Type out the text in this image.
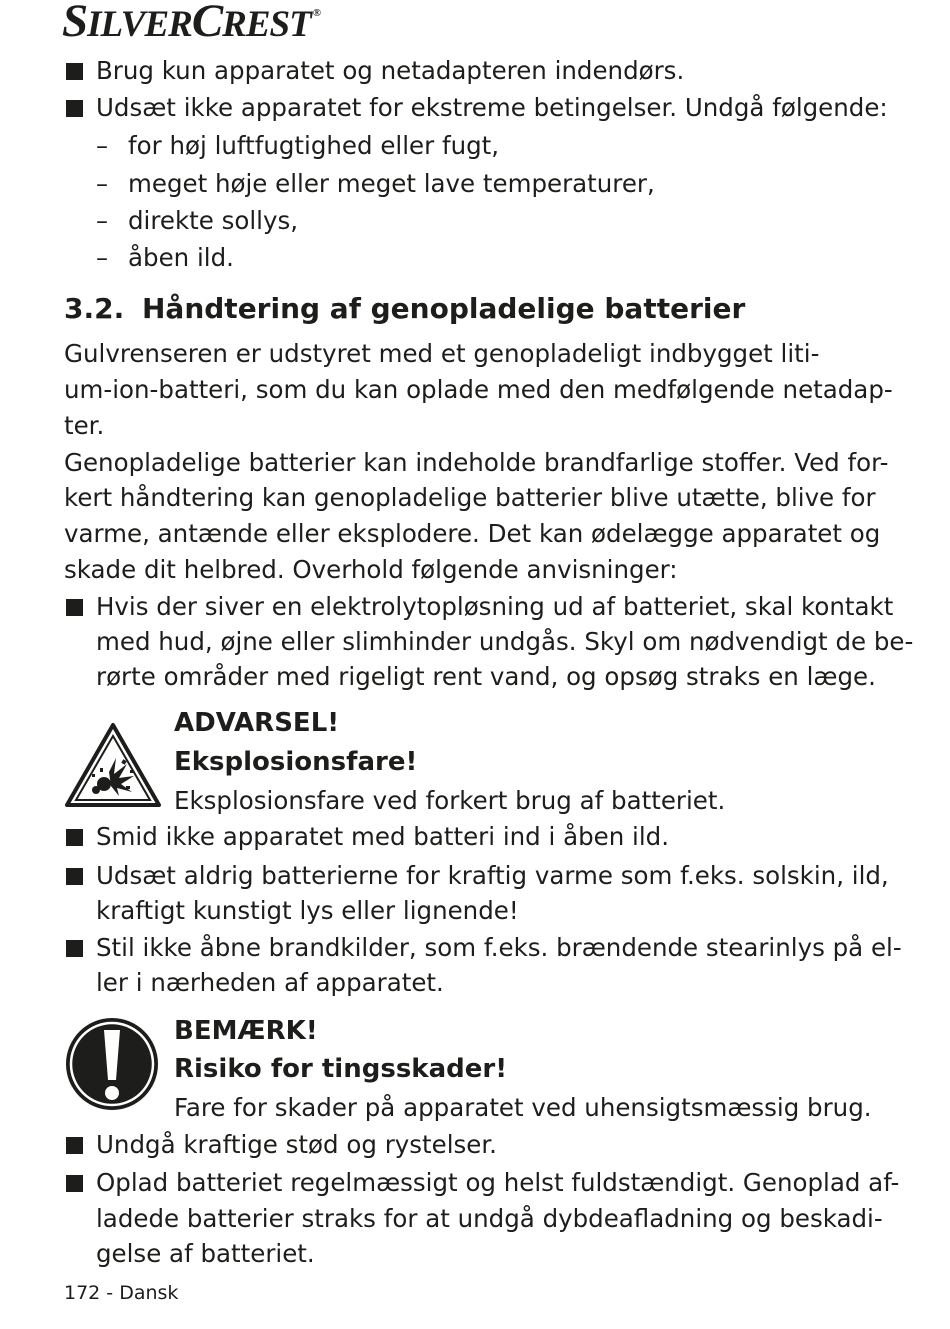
SILVERCREST ®
Brug kun apparatet og netadapteren indendørs.
Udsæt ikke apparatet for ekstreme betingelser. Undgå følgende:
– for høj luftfugtighed eller fugt,
– meget høje eller meget lave temperaturer,
– direkte sollys,
– åben ild.
3.2. Håndtering af genopladelige batterier
Gulvrenseren er udstyret med et genopladeligt indbygget liti-
um-ion-batteri, som du kan oplade med den medfølgende netadap-
ter.
Genopladelige batterier kan indeholde brandfarlige stoffer. Ved for-
kert håndtering kan genopladelige batterier blive utætte, blive for
varme, antænde eller eksplodere. Det kan ødelægge apparatet og
skade dit helbred. Overhold følgende anvisninger:
Hvis der siver en elektrolytopløsning ud af batteriet, skal kontakt
med hud, øjne eller slimhinder undgås. Skyl om nødvendigt de be-
rørte områder med rigeligt rent vand, og opsøg straks en læge.
ADVARSEL!
Eksplosionsfare!
Eksplosionsfare ved forkert brug af batteriet.
Smid ikke apparatet med batteri ind i åben ild.
Udsæt aldrig batterierne for kraftig varme som f.eks. solskin, ild,
kraftigt kunstigt lys eller lignende!
Stil ikke åbne brandkilder, som f.eks. brændende stearinlys på el-
ler i nærheden af apparatet.
BEMÆRK!
Risiko for tingsskader!
Fare for skader på apparatet ved uhensigtsmæssig brug.
Undgå kraftige stød og rystelser.
Oplad batteriet regelmæssigt og helst fuldstændigt. Genoplad af-
ladede batterier straks for at undgå dybdeafladning og beskadi-
gelse af batteriet.
172 - Dansk
